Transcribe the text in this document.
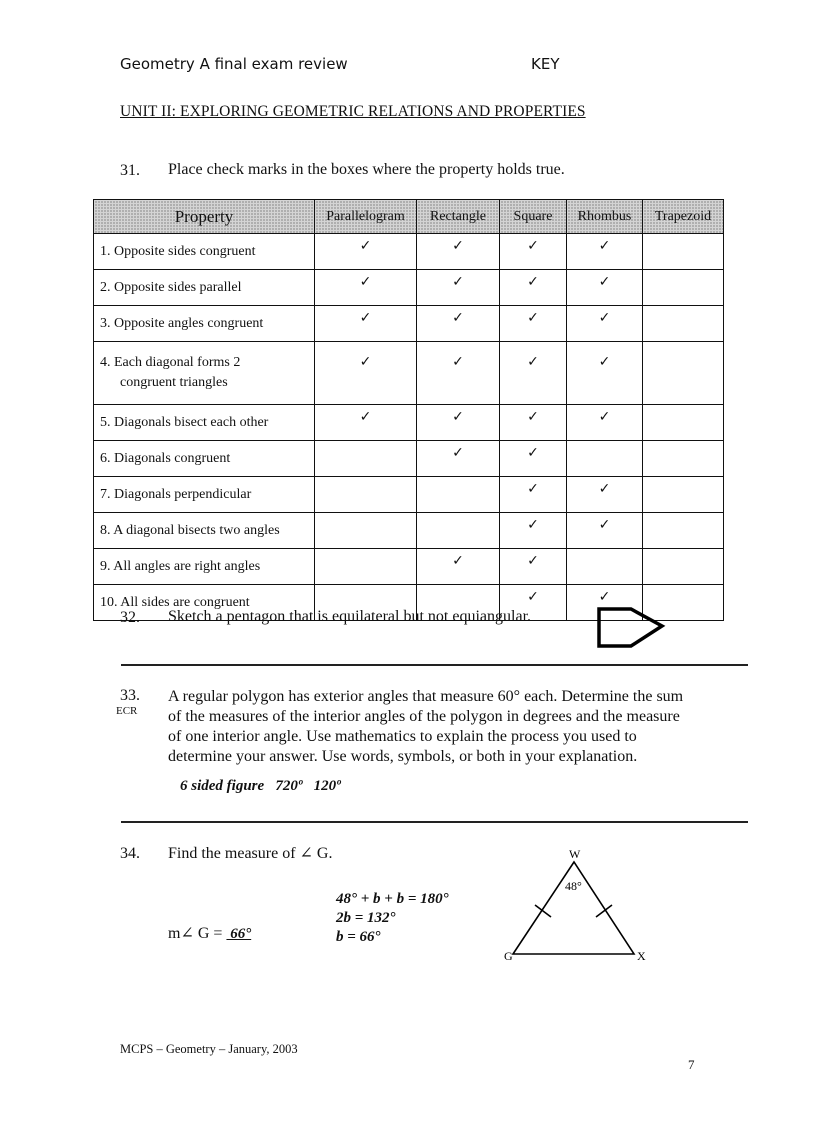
Geometry A final exam review	KEY
UNIT II: EXPLORING GEOMETRIC RELATIONS AND PROPERTIES
31. Place check marks in the boxes where the property holds true.
Property	Parallelogram	Rectangle	Square	Rhombus	Trapezoid
1. Opposite sides congruent	✓	✓	✓	✓	
2. Opposite sides parallel	✓	✓	✓	✓	
3. Opposite angles congruent	✓	✓	✓	✓	

4. Each diagonal forms 2
congruent triangles	✓	✓	✓	✓	
5. Diagonals bisect each other	✓	✓	✓	✓	
6. Diagonals congruent		✓	✓		
7. Diagonals perpendicular			✓	✓	
8. A diagonal bisects two angles			✓	✓	
9. All angles are right angles		✓	✓		
10. All sides are congruent			✓	✓	
32. Sketch a pentagon that is equilateral but not equiangular.
33.
ECR
A regular polygon has exterior angles that measure 60° each. Determine the sum
of the measures of the interior angles of the polygon in degrees and the measure
of one interior angle. Use mathematics to explain the process you used to
determine your answer. Use words, symbols, or both in your explanation.
6 sided figure   720º   120º
34. Find the measure of ∠ G.
m∠ G =  66°
48° + b + b = 180°
2b = 132°
b = 66°
W
G	X
48°
MCPS – Geometry – January, 2003
7
